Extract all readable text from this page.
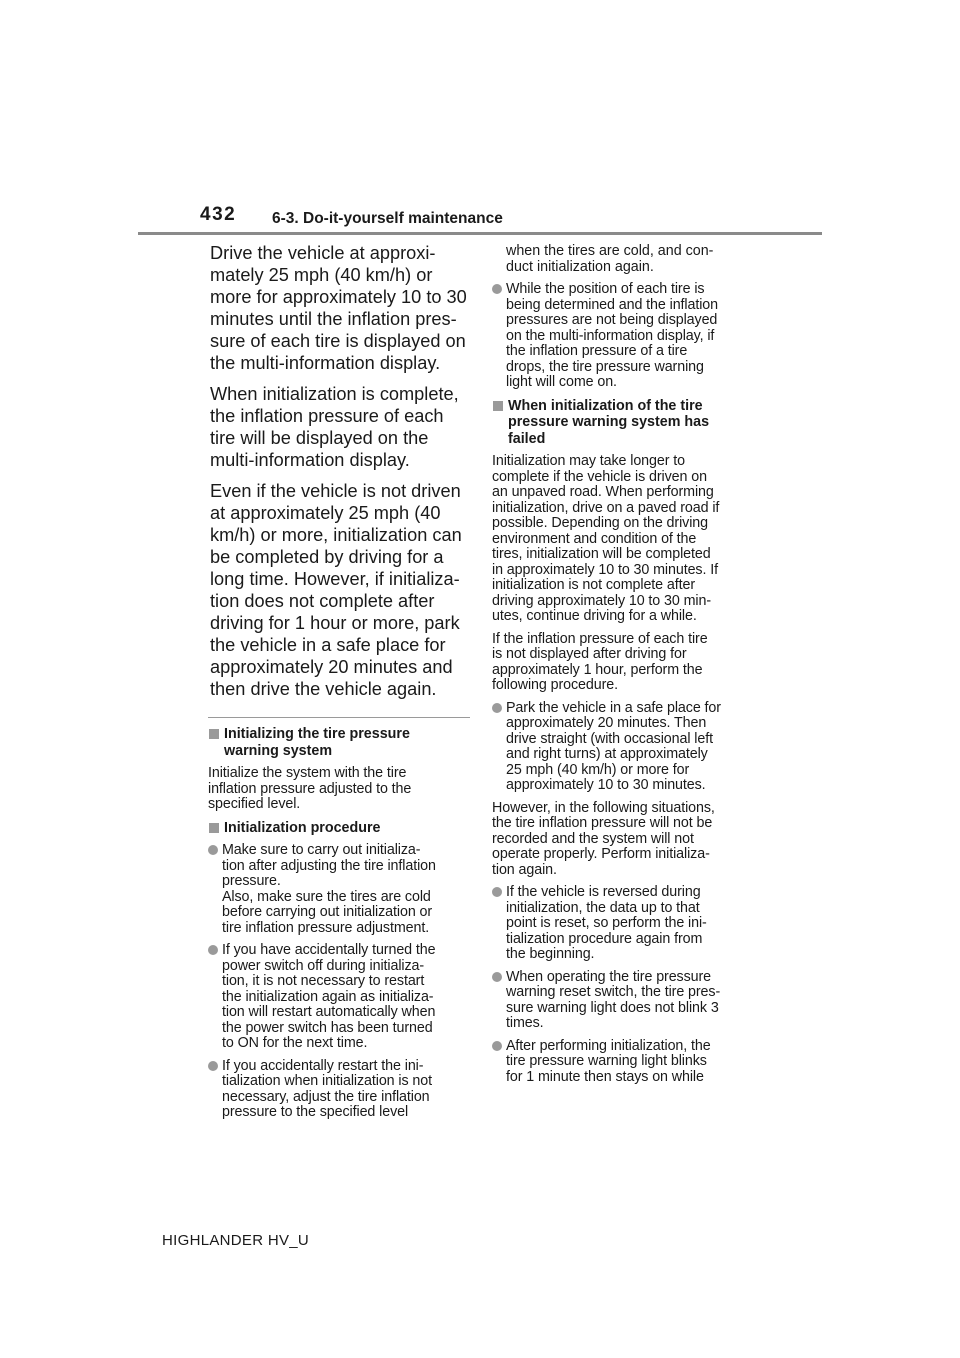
432 6-3. Do-it-yourself maintenance

Drive the vehicle at approxi-
mately 25 mph (40 km/h) or
more for approximately 10 to 30
minutes until the inflation pres-
sure of each tire is displayed on
the multi-information display.

When initialization is complete,
the inflation pressure of each
tire will be displayed on the
multi-information display.

Even if the vehicle is not driven
at approximately 25 mph (40
km/h) or more, initialization can
be completed by driving for a
long time. However, if initializa-
tion does not complete after
driving for 1 hour or more, park
the vehicle in a safe place for
approximately 20 minutes and
then drive the vehicle again.

Initializing the tire pressure
warning system

Initialize the system with the tire
inflation pressure adjusted to the
specified level.

Initialization procedure
Make sure to carry out initializa-
tion after adjusting the tire inflation
pressure.
Also, make sure the tires are cold
before carrying out initialization or
tire inflation pressure adjustment.
If you have accidentally turned the
power switch off during initializa-
tion, it is not necessary to restart
the initialization again as initializa-
tion will restart automatically when
the power switch has been turned
to ON for the next time.
If you accidentally restart the ini-
tialization when initialization is not
necessary, adjust the tire inflation
pressure to the specified level

when the tires are cold, and con-
duct initialization again.

While the position of each tire is
being determined and the inflation
pressures are not being displayed
on the multi-information display, if
the inflation pressure of a tire
drops, the tire pressure warning
light will come on.
When initialization of the tire
pressure warning system has
failed

Initialization may take longer to
complete if the vehicle is driven on
an unpaved road. When performing
initialization, drive on a paved road if
possible. Depending on the driving
environment and condition of the
tires, initialization will be completed
in approximately 10 to 30 minutes. If
initialization is not complete after
driving approximately 10 to 30 min-
utes, continue driving for a while.

If the inflation pressure of each tire
is not displayed after driving for
approximately 1 hour, perform the
following procedure.

Park the vehicle in a safe place for
approximately 20 minutes. Then
drive straight (with occasional left
and right turns) at approximately
25 mph (40 km/h) or more for
approximately 10 to 30 minutes.

However, in the following situations,
the tire inflation pressure will not be
recorded and the system will not
operate properly. Perform initializa-
tion again.

If the vehicle is reversed during
initialization, the data up to that
point is reset, so perform the ini-
tialization procedure again from
the beginning.
When operating the tire pressure
warning reset switch, the tire pres-
sure warning light does not blink 3
times.
After performing initialization, the
tire pressure warning light blinks
for 1 minute then stays on while
HIGHLANDER HV_U
